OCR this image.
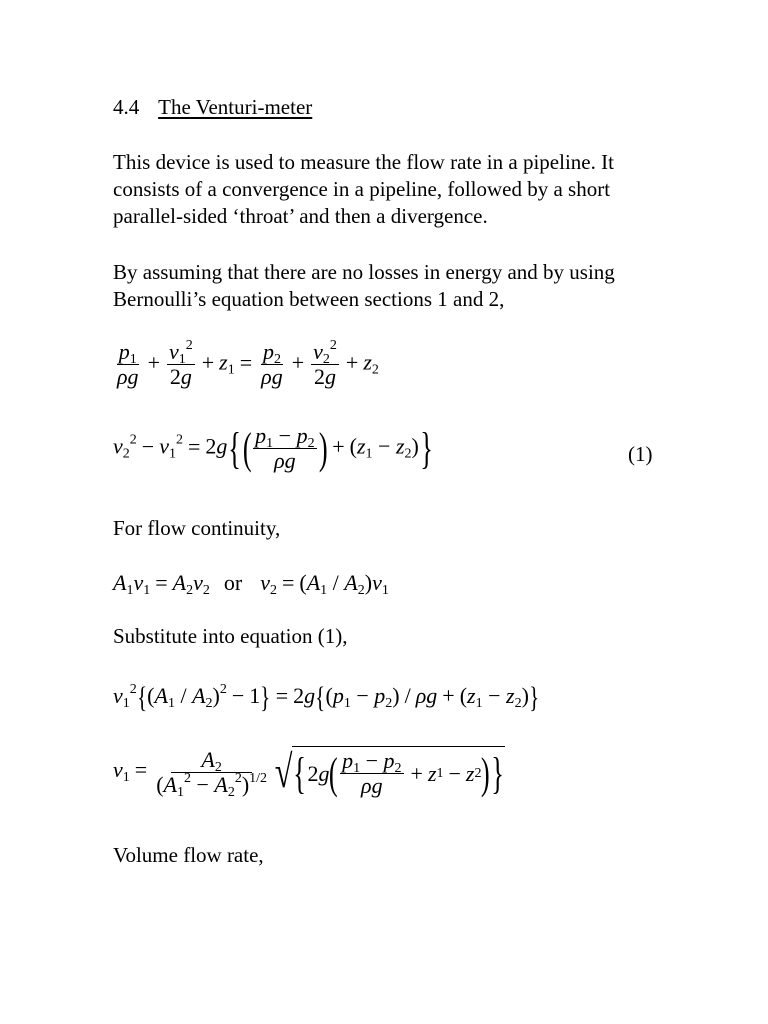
4.4 The Venturi-meter
This device is used to measure the flow rate in a pipeline. It
consists of a convergence in a pipeline, followed by a short
parallel-sided ‘throat’ and then a divergence.
By assuming that there are no losses in energy and by using
Bernoulli’s equation between sections 1 and 2,
$\frac{p_1}{\rho g} + \frac{v_1^2}{2g} + z_1 = \frac{p_2}{\rho g} + \frac{v_2^2}{2g} + z_2$
$v_2^2 - v_1^2 = 2g\{( \frac{p_1 - p_2}{\rho g}$ ) + $(z_1 - z_2)$}	(1)
For flow continuity,
$A_1v_1 = A_2v_2$ or $v_2 = (A_1 / A_2)v_1$
Substitute into equation (1),
$v_1^2\{(A_1 / A_2)^2 - 1\} = 2g\{(p_1 - p_2) / \rho g + (z_1 - z_2)\}$
$v_1 = \frac{A_2}{(A_1^2 - A_2^2)^{1/2}}$ √ { 2 g ( $\frac{p_1 - p_2}{\rho g} + z$ 1 − z 2 ) }
Volume flow rate,
